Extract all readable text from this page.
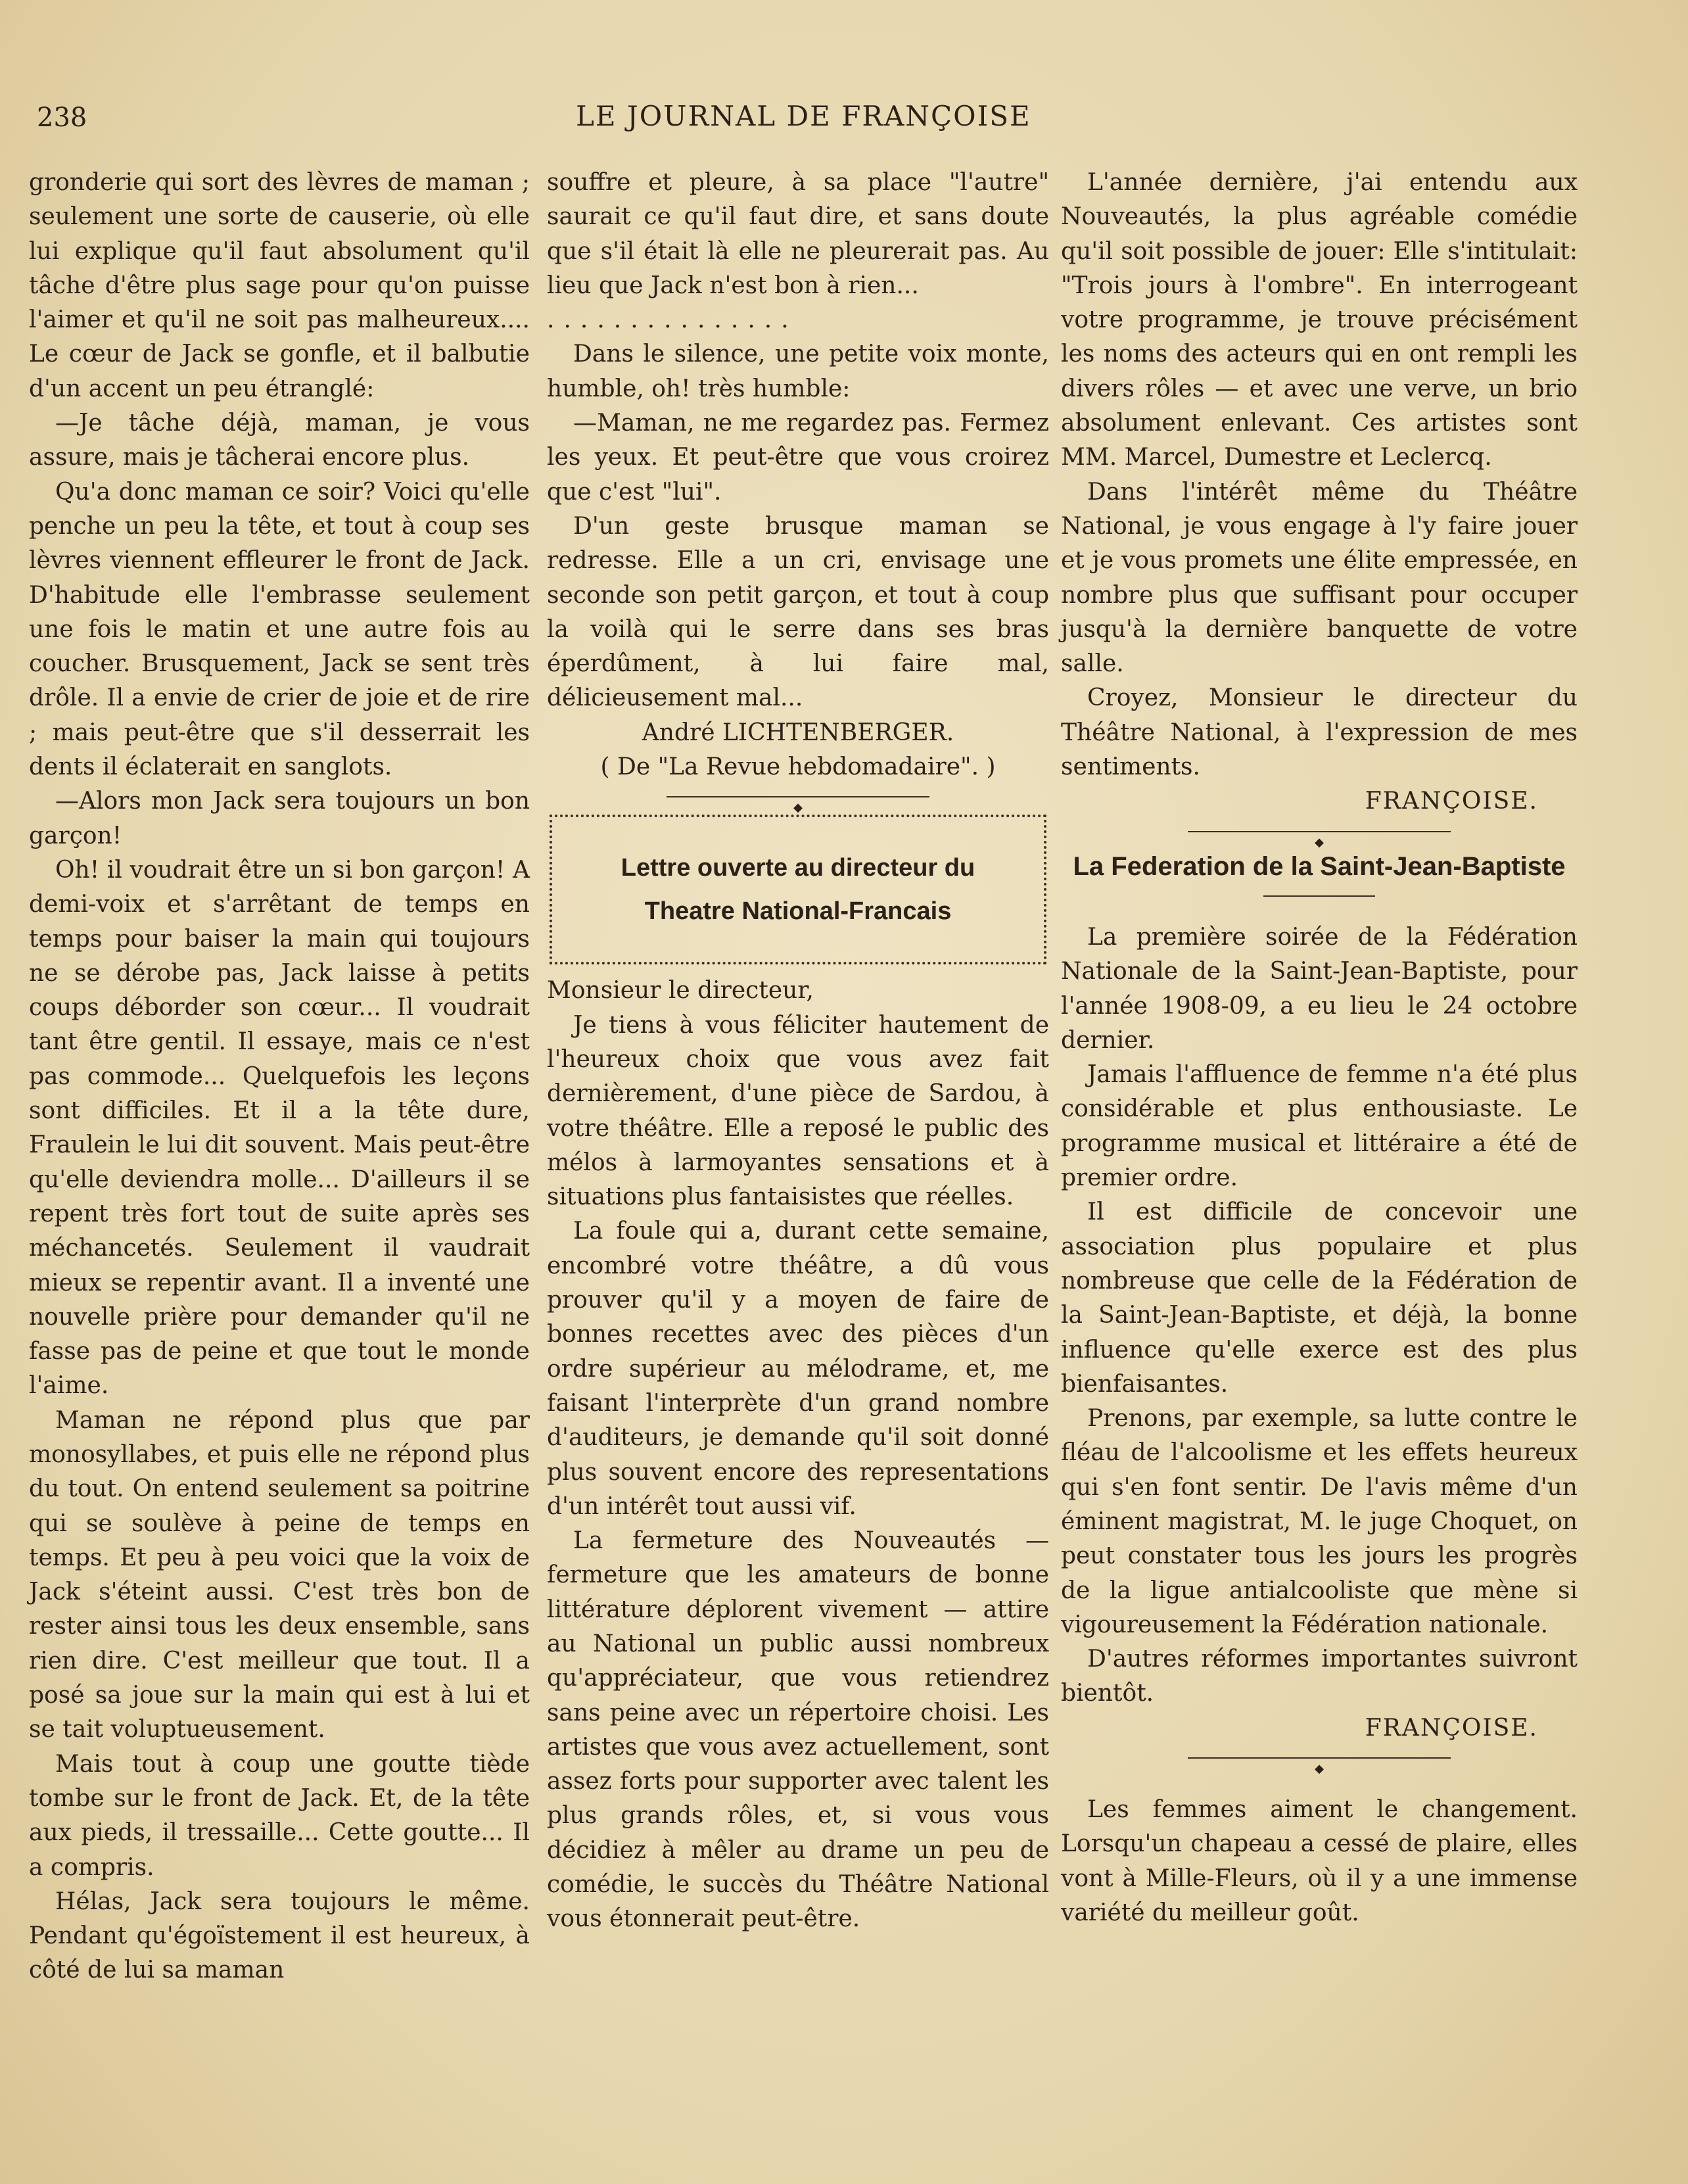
238	LE JOURNAL DE FRANÇOISE

gronderie qui sort des lèvres de maman ; seulement une sorte de causerie, où elle lui explique qu'il faut absolument qu'il tâche d'être plus sage pour qu'on puisse l'aimer et qu'il ne soit pas malheureux.... Le cœur de Jack se gonfle, et il balbutie d'un accent un peu étranglé:

—Je tâche déjà, maman, je vous assure, mais je tâcherai encore plus.

Qu'a donc maman ce soir? Voici qu'elle penche un peu la tête, et tout à coup ses lèvres viennent effleurer le front de Jack. D'habitude elle l'embrasse seulement une fois le matin et une autre fois au coucher. Brusquement, Jack se sent très drôle. Il a envie de crier de joie et de rire ; mais peut-être que s'il desserrait les dents il éclaterait en sanglots.

—Alors mon Jack sera toujours un bon garçon!

Oh! il voudrait être un si bon garçon! A demi-voix et s'arrêtant de temps en temps pour baiser la main qui toujours ne se dérobe pas, Jack laisse à petits coups déborder son cœur... Il voudrait tant être gentil. Il essaye, mais ce n'est pas commode... Quelquefois les leçons sont difficiles. Et il a la tête dure, Fraulein le lui dit souvent. Mais peut-être qu'elle deviendra molle... D'ailleurs il se repent très fort tout de suite après ses méchancetés. Seulement il vaudrait mieux se repentir avant. Il a inventé une nouvelle prière pour demander qu'il ne fasse pas de peine et que tout le monde l'aime.

Maman ne répond plus que par monosyllabes, et puis elle ne répond plus du tout. On entend seulement sa poitrine qui se soulève à peine de temps en temps. Et peu à peu voici que la voix de Jack s'éteint aussi. C'est très bon de rester ainsi tous les deux ensemble, sans rien dire. C'est meilleur que tout. Il a posé sa joue sur la main qui est à lui et se tait voluptueusement.

Mais tout à coup une goutte tiède tombe sur le front de Jack. Et, de la tête aux pieds, il tressaille... Cette goutte... Il a compris.

Hélas, Jack sera toujours le même. Pendant qu'égoïstement il est heureux, à côté de lui sa maman

souffre et pleure, à sa place "l'autre" saurait ce qu'il faut dire, et sans doute que s'il était là elle ne pleurerait pas. Au lieu que Jack n'est bon à rien...

...............

Dans le silence, une petite voix monte, humble, oh! très humble:

—Maman, ne me regardez pas. Fermez les yeux. Et peut-être que vous croirez que c'est "lui".

D'un geste brusque maman se redresse. Elle a un cri, envisage une seconde son petit garçon, et tout à coup la voilà qui le serre dans ses bras éperdûment, à lui faire mal, délicieusement mal...

André LICHTENBERGER.

( De "La Revue hebdomadaire". )

◆
Lettre ouverte au directeur du
Theatre National-Francais

Monsieur le directeur,

Je tiens à vous féliciter hautement de l'heureux choix que vous avez fait dernièrement, d'une pièce de Sardou, à votre théâtre. Elle a reposé le public des mélos à larmoyantes sensations et à situations plus fantaisistes que réelles.

La foule qui a, durant cette semaine, encombré votre théâtre, a dû vous prouver qu'il y a moyen de faire de bonnes recettes avec des pièces d'un ordre supérieur au mélodrame, et, me faisant l'interprète d'un grand nombre d'auditeurs, je demande qu'il soit donné plus souvent encore des representations d'un intérêt tout aussi vif.

La fermeture des Nouveautés — fermeture que les amateurs de bonne littérature déplorent vivement — attire au National un public aussi nombreux qu'appréciateur, que vous retiendrez sans peine avec un répertoire choisi. Les artistes que vous avez actuellement, sont assez forts pour supporter avec talent les plus grands rôles, et, si vous vous décidiez à mêler au drame un peu de comédie, le succès du Théâtre National vous étonnerait peut-être.

L'année dernière, j'ai entendu aux Nouveautés, la plus agréable comédie qu'il soit possible de jouer: Elle s'intitulait: "Trois jours à l'ombre". En interrogeant votre programme, je trouve précisément les noms des acteurs qui en ont rempli les divers rôles — et avec une verve, un brio absolument enlevant. Ces artistes sont MM. Marcel, Dumestre et Leclercq.

Dans l'intérêt même du Théâtre National, je vous engage à l'y faire jouer et je vous promets une élite empressée, en nombre plus que suffisant pour occuper jusqu'à la dernière banquette de votre salle.

Croyez, Monsieur le directeur du Théâtre National, à l'expression de mes sentiments.

FRANÇOISE.

◆
La Federation de la Saint-Jean-Baptiste

La première soirée de la Fédération Nationale de la Saint-Jean-Baptiste, pour l'année 1908-09, a eu lieu le 24 octobre dernier.

Jamais l'affluence de femme n'a été plus considérable et plus enthousiaste. Le programme musical et littéraire a été de premier ordre.

Il est difficile de concevoir une association plus populaire et plus nombreuse que celle de la Fédération de la Saint-Jean-Baptiste, et déjà, la bonne influence qu'elle exerce est des plus bienfaisantes.

Prenons, par exemple, sa lutte contre le fléau de l'alcoolisme et les effets heureux qui s'en font sentir. De l'avis même d'un éminent magistrat, M. le juge Choquet, on peut constater tous les jours les progrès de la ligue antialcooliste que mène si vigoureusement la Fédération nationale.

D'autres réformes importantes suivront bientôt.

FRANÇOISE.

◆

Les femmes aiment le changement. Lorsqu'un chapeau a cessé de plaire, elles vont à Mille-Fleurs, où il y a une immense variété du meilleur goût.
